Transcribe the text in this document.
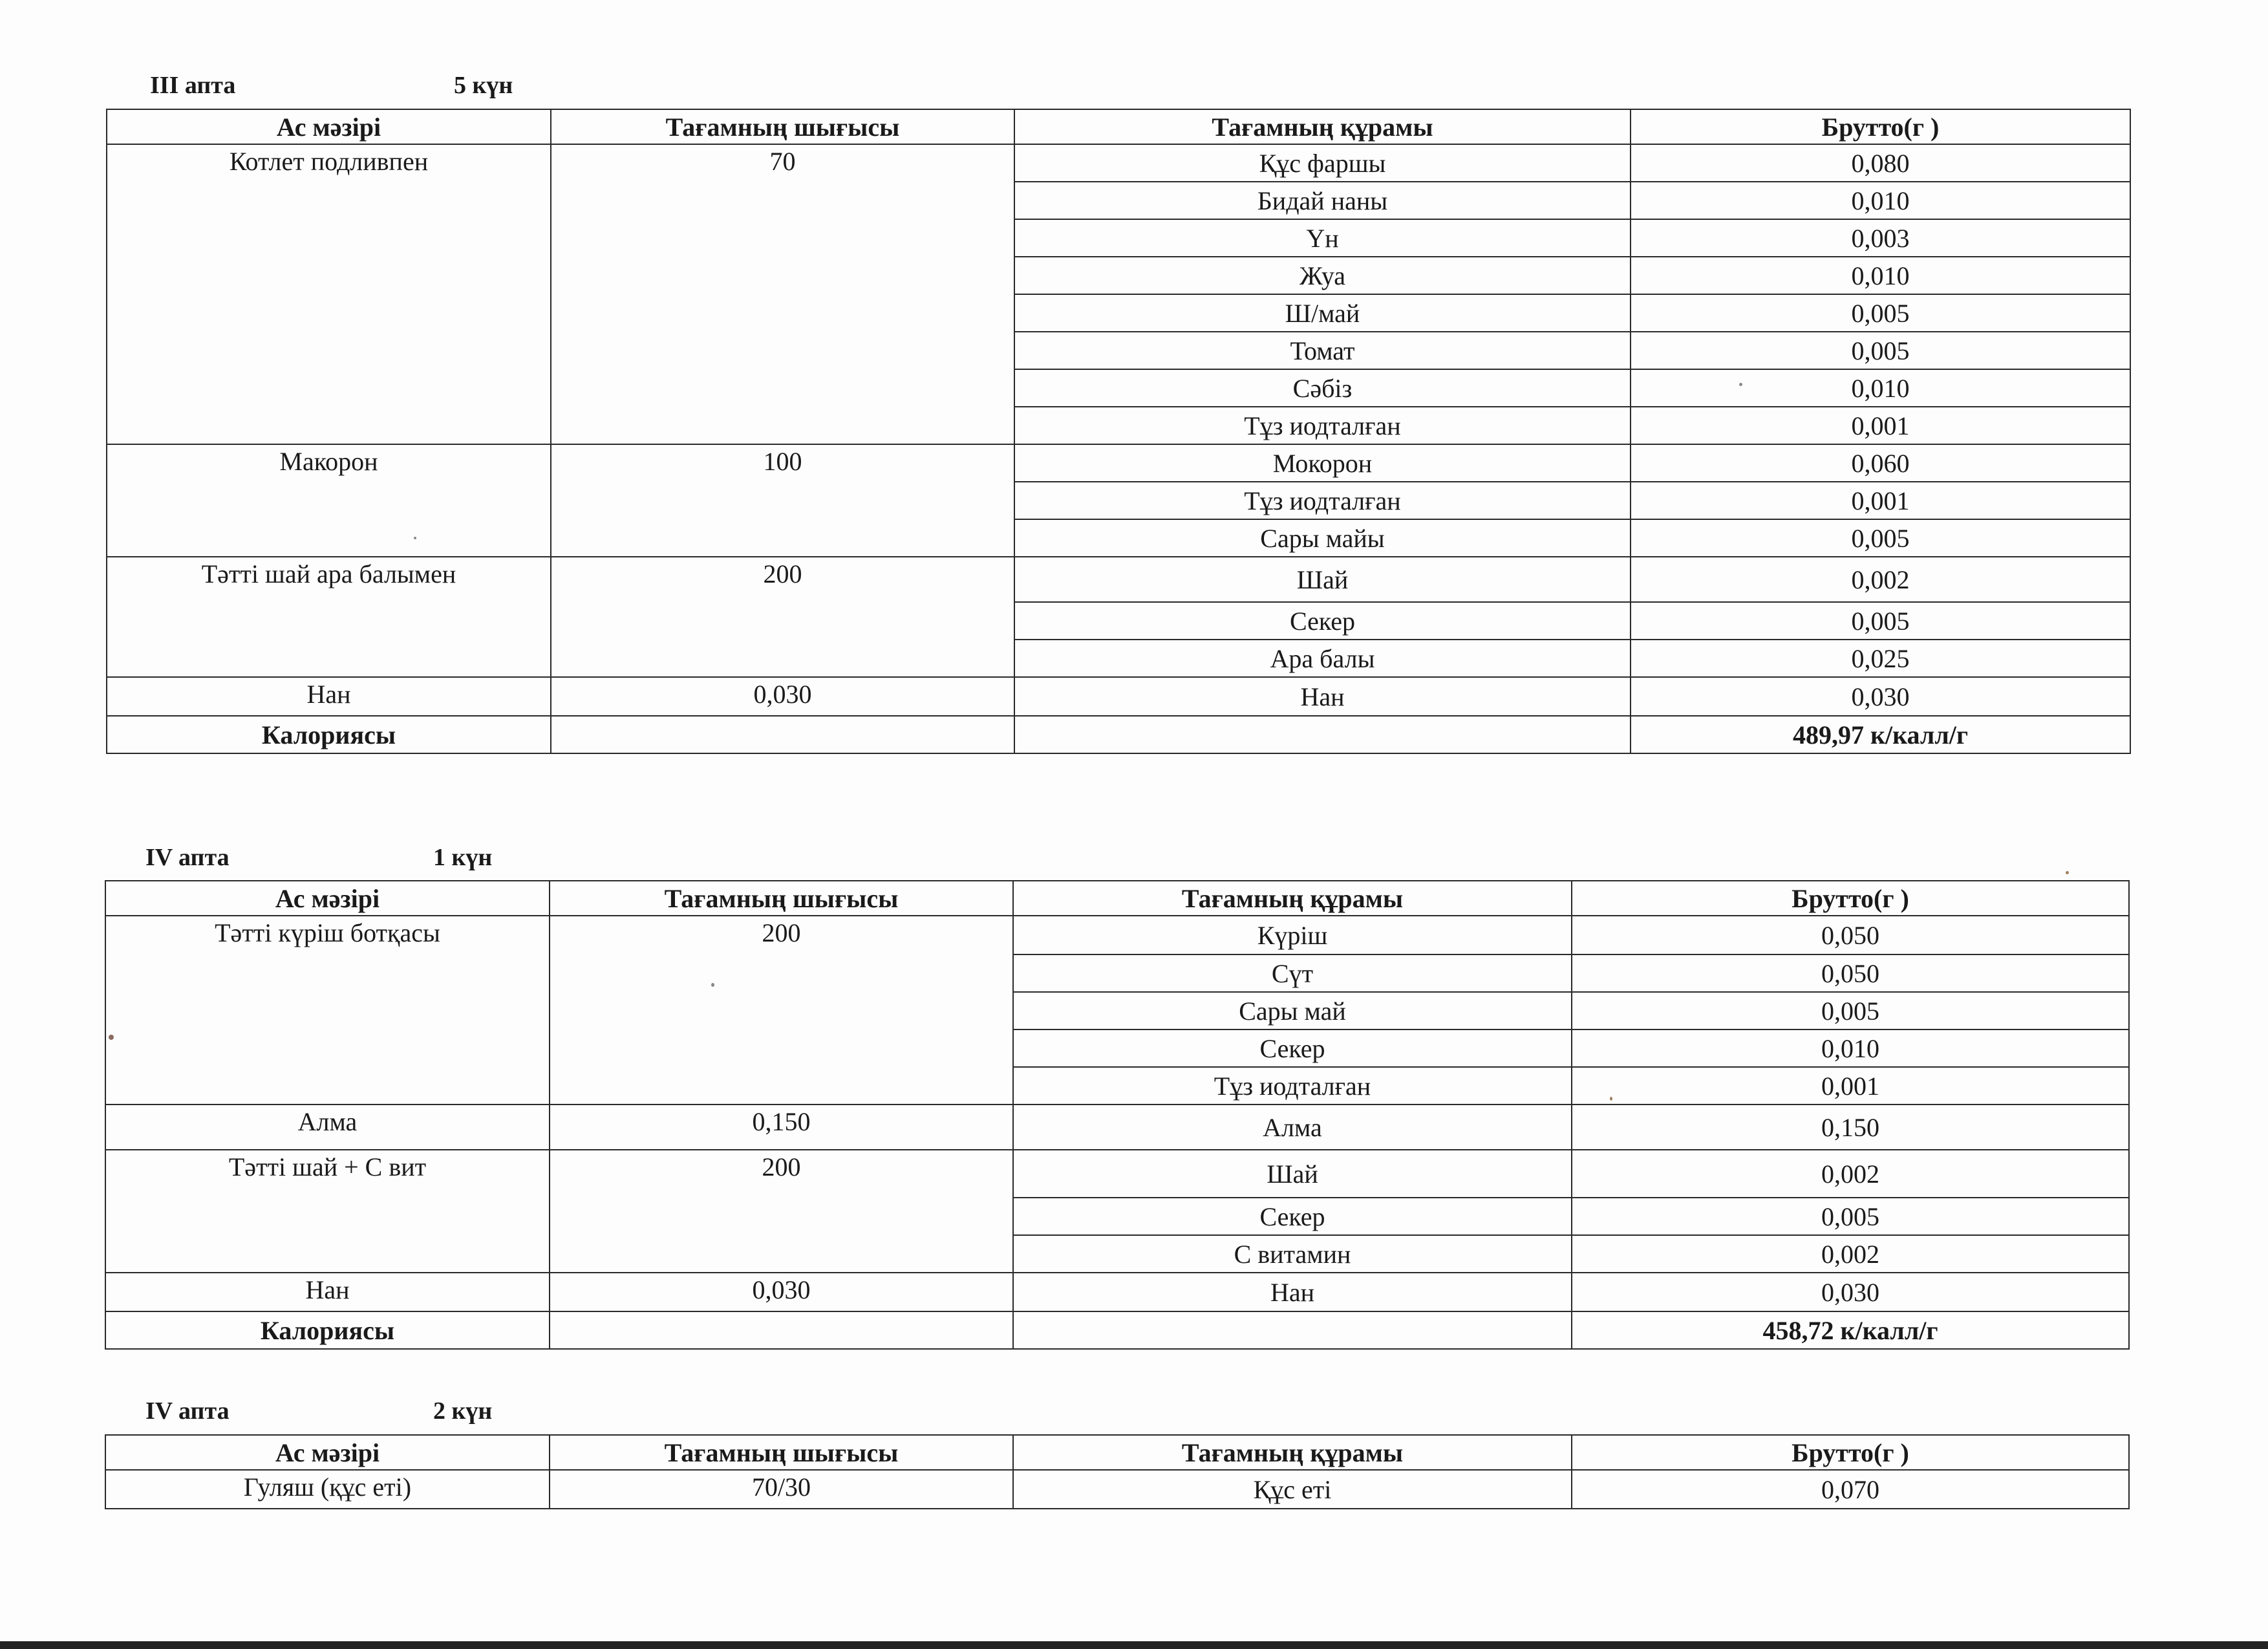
III апта	5 күн
Ас мәзірі	Тағамның шығысы	Тағамның құрамы	Брутто(г )
Котлет подливпен	70	Құс фаршы	0,080
		Бидай наны	0,010
		Үн	0,003
		Жуа	0,010
		Ш/май	0,005
		Томат	0,005
		Сәбіз	0,010
		Тұз иодталған	0,001
Макорон	100	Мокорон	0,060
		Тұз иодталған	0,001
		Сары майы	0,005
Тәтті шай ара балымен	200	Шай	0,002
		Секер	0,005
		Ара балы	0,025
Нан	0,030	Нан	0,030
Калориясы			489,97 к/калл/г
IV апта	1 күн
Ас мәзірі	Тағамның шығысы	Тағамның құрамы	Брутто(г )
Тәтті күріш ботқасы	200	Күріш	0,050
		Сүт	0,050
		Сары май	0,005
		Секер	0,010
		Тұз иодталған	0,001
Алма	0,150	Алма	0,150
Тәтті шай + С вит	200	Шай	0,002
		Секер	0,005
		С витамин	0,002
Нан	0,030	Нан	0,030
Калориясы			458,72 к/калл/г
IV апта	2 күн
Ас мәзірі	Тағамның шығысы	Тағамның құрамы	Брутто(г )
Гуляш (құс еті)	70/30	Құс еті	0,070
